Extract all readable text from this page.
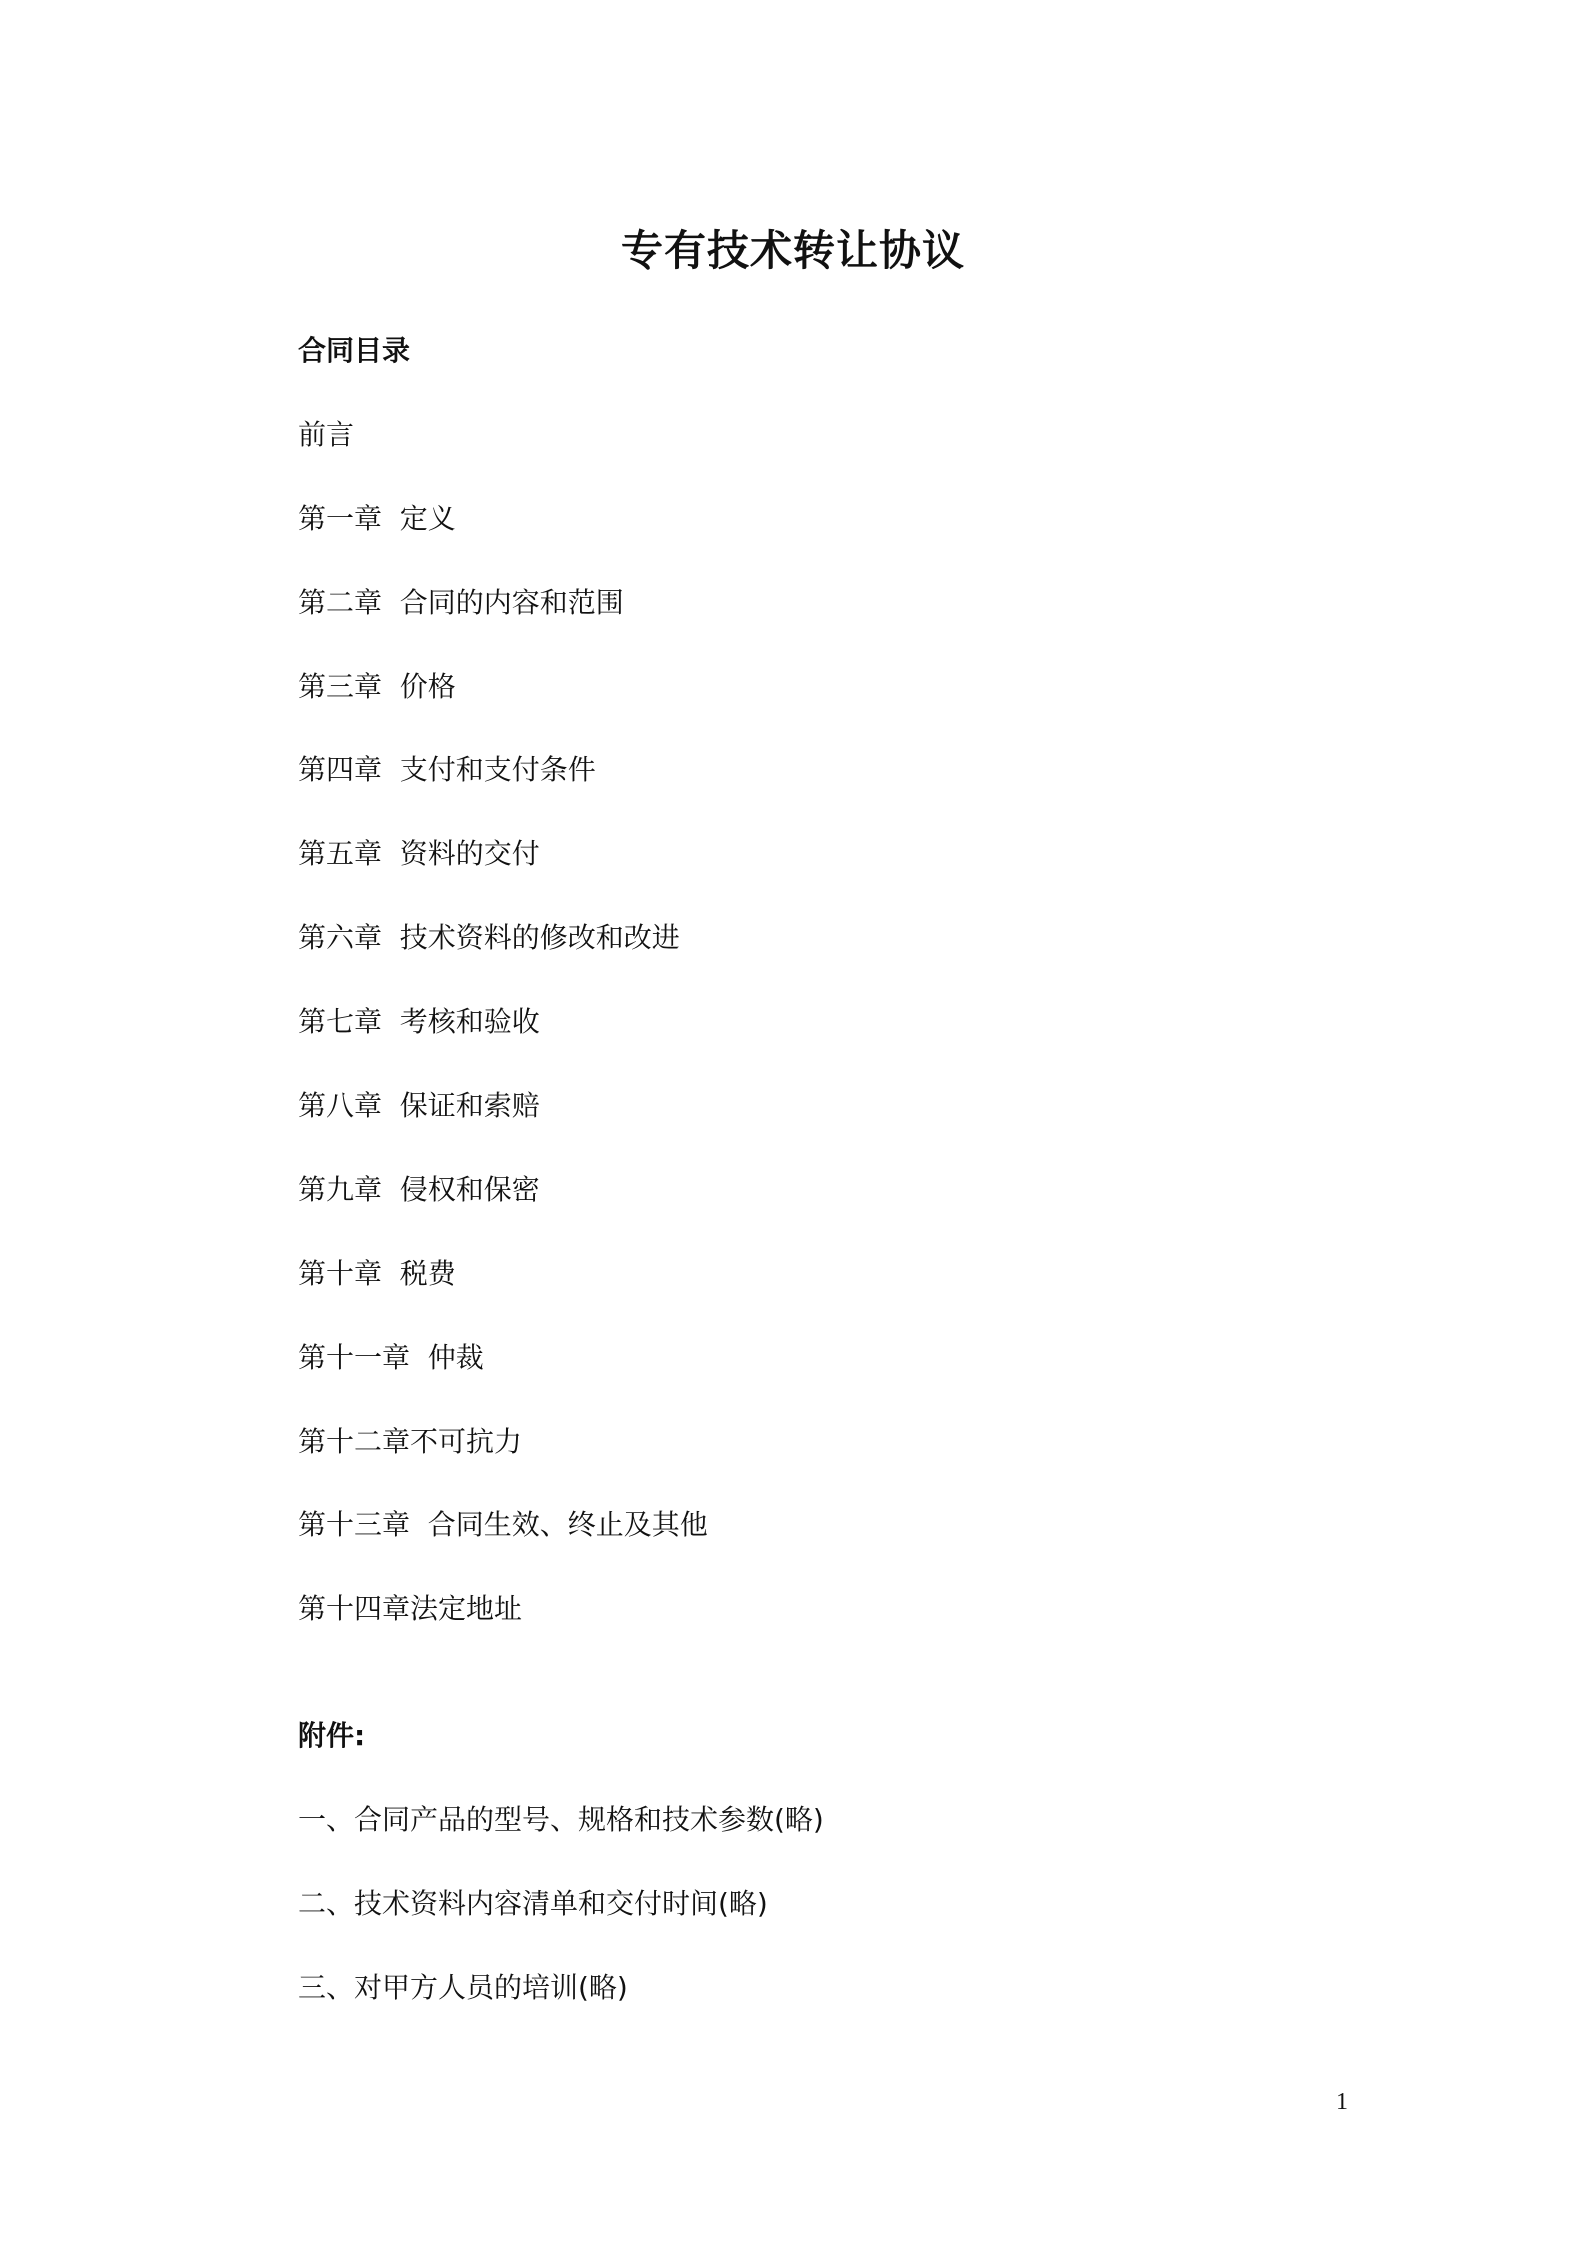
专有技术转让协议
合同目录
前言
第一章  定义
第二章  合同的内容和范围
第三章  价格
第四章  支付和支付条件
第五章  资料的交付
第六章  技术资料的修改和改进
第七章  考核和验收
第八章  保证和索赔
第九章  侵权和保密
第十章  税费
第十一章  仲裁
第十二章不可抗力
第十三章  合同生效、终止及其他
第十四章法定地址
附件:
一、合同产品的型号、规格和技术参数(略)
二、技术资料内容清单和交付时间(略)
三、对甲方人员的培训(略)
1
